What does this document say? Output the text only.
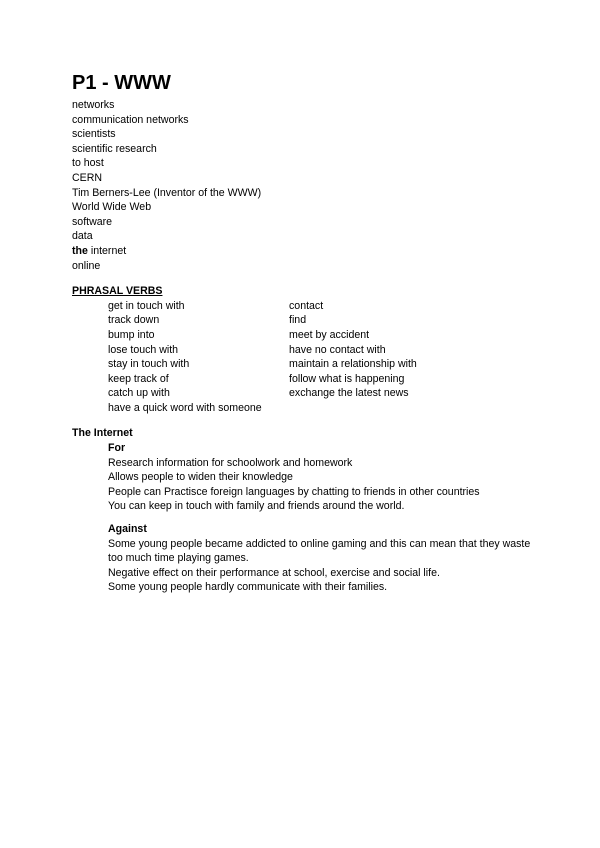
P1 - WWW
networks
communication networks
scientists
scientific research
to host
CERN
Tim Berners-Lee (Inventor of the WWW)
World Wide Web
software
data
the internet
online
PHRASAL VERBS
get in touch with	contact
track down	find
bump into	meet by accident
lose touch with	have no contact with
stay in touch with	maintain a relationship with
keep track of	follow what is happening
catch up with	exchange the latest news
have a quick word with someone
The Internet
For
Research information for schoolwork and homework
Allows people to widen their knowledge
People can Practisce foreign languages by chatting to friends in other countries
You can keep in touch with family and friends around the world.
Against
Some young people became addicted to online gaming and this can mean that they waste too much time playing games.
Negative effect on their performance at school, exercise and social life.
Some young people hardly communicate with their families.
